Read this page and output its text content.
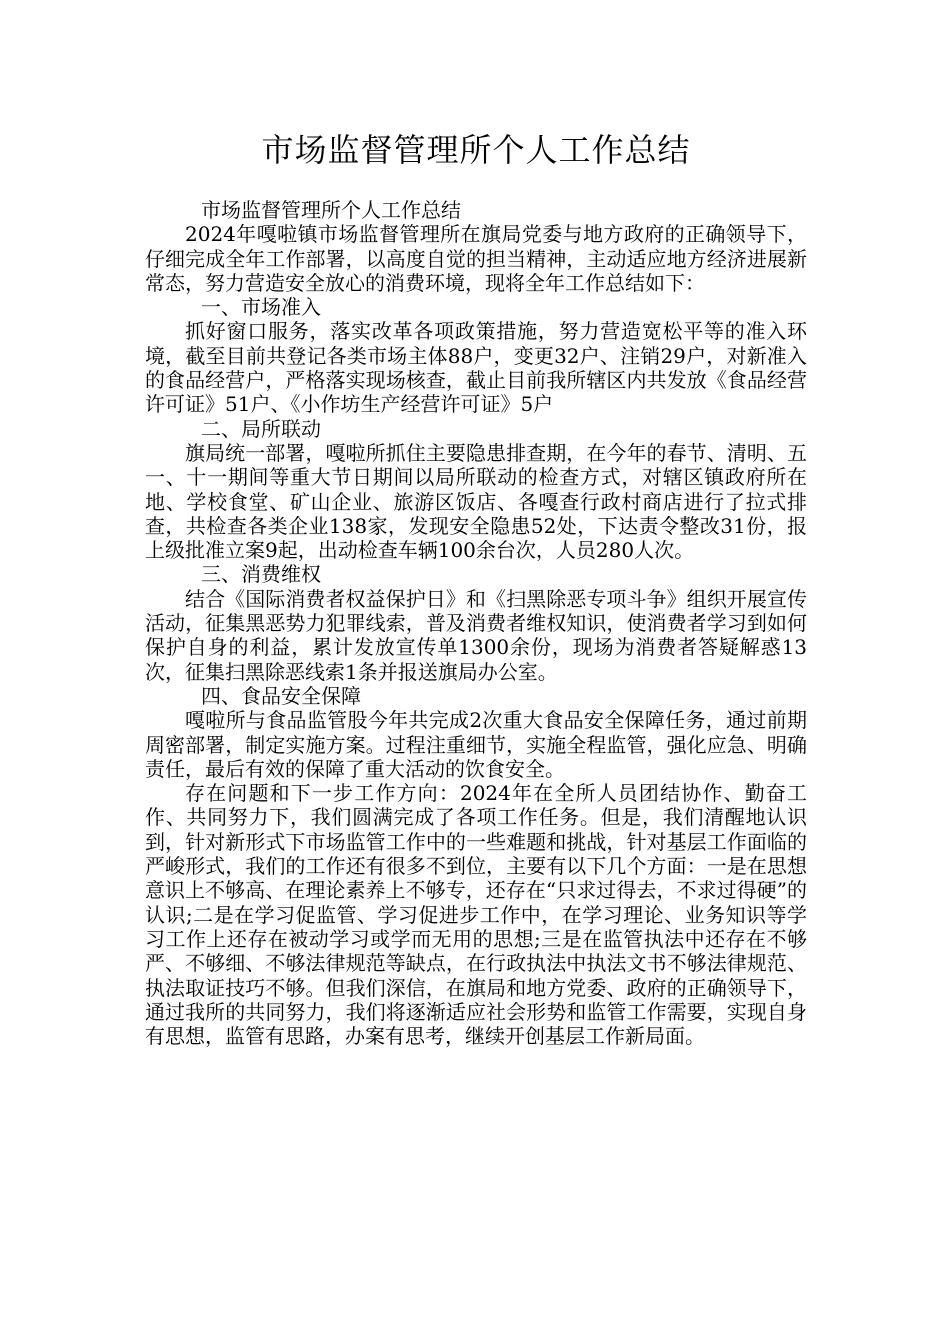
市场监督管理所个人工作总结

市场监督管理所个人工作总结

2024年嘎啦镇市场监督管理所在旗局党委与地方政府的正确领导下，仔细完成全年工作部署，以高度自觉的担当精神，主动适应地方经济进展新常态，努力营造安全放心的消费环境，现将全年工作总结如下：

一、市场准入

抓好窗口服务，落实改革各项政策措施，努力营造宽松平等的准入环境，截至目前共登记各类市场主体88户，变更32户、注销29户，对新准入的食品经营户，严格落实现场核查，截止目前我所辖区内共发放《食品经营许可证》51户、《小作坊生产经营许可证》5户

二、局所联动

旗局统一部署，嘎啦所抓住主要隐患排查期，在今年的春节、清明、五一、十一期间等重大节日期间以局所联动的检查方式，对辖区镇政府所在地、学校食堂、矿山企业、旅游区饭店、各嘎查行政村商店进行了拉式排查，共检查各类企业138家，发现安全隐患52处，下达责令整改31份，报上级批准立案9起，出动检查车辆100余台次，人员280人次。

三、消费维权

结合《国际消费者权益保护日》和《扫黑除恶专项斗争》组织开展宣传活动，征集黑恶势力犯罪线索，普及消费者维权知识，使消费者学习到如何保护自身的利益，累计发放宣传单1300余份，现场为消费者答疑解惑13次，征集扫黑除恶线索1条并报送旗局办公室。

四、食品安全保障

嘎啦所与食品监管股今年共完成2次重大食品安全保障任务，通过前期周密部署，制定实施方案。过程注重细节，实施全程监管，强化应急、明确责任，最后有效的保障了重大活动的饮食安全。

存在问题和下一步工作方向：2024年在全所人员团结协作、勤奋工作、共同努力下，我们圆满完成了各项工作任务。但是，我们清醒地认识到，针对新形式下市场监管工作中的一些难题和挑战，针对基层工作面临的严峻形式，我们的工作还有很多不到位，主要有以下几个方面：一是在思想意识上不够高、在理论素养上不够专，还存在“只求过得去，不求过得硬”的认识;二是在学习促监管、学习促进步工作中，在学习理论、业务知识等学习工作上还存在被动学习或学而无用的思想;三是在监管执法中还存在不够严、不够细、不够法律规范等缺点，在行政执法中执法文书不够法律规范、执法取证技巧不够。但我们深信，在旗局和地方党委、政府的正确领导下，通过我所的共同努力，我们将逐渐适应社会形势和监管工作需要，实现自身有思想，监管有思路，办案有思考，继续开创基层工作新局面。
